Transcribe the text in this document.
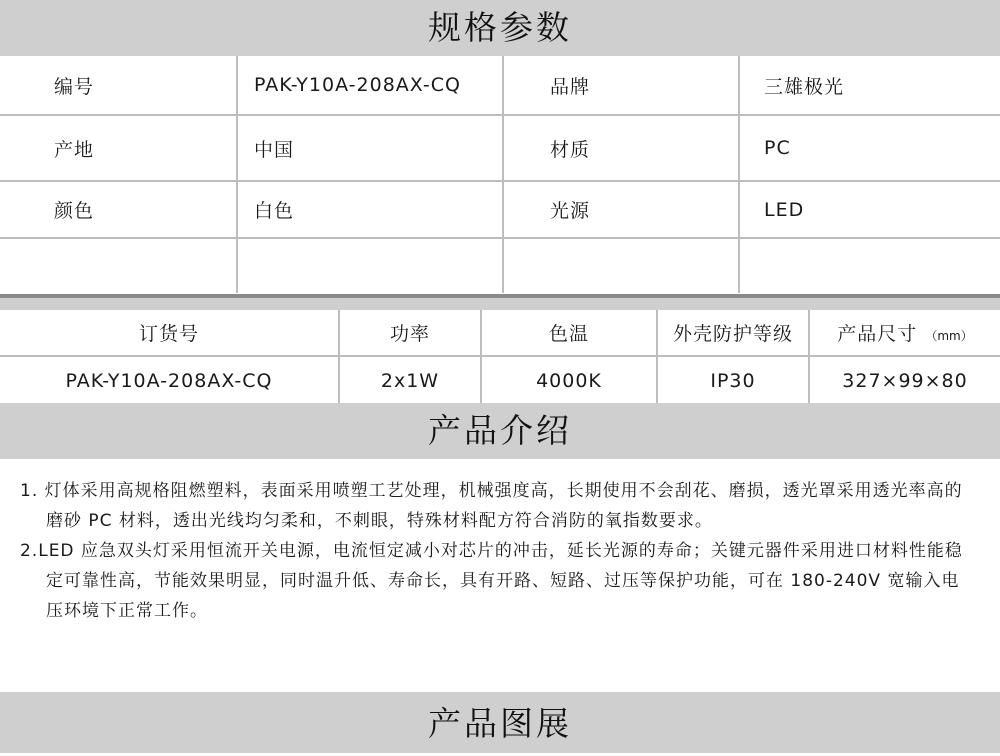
规格参数
编号	PAK-Y10A-208AX-CQ	品牌	三雄极光
产地	中国	材质	PC
颜色	白色	光源	LED

订货号	功率	色温	外壳防护等级	产品尺寸 （mm）
PAK-Y10A-208AX-CQ	2x1W	4000K	IP30	327×99×80
产品介绍

1. 灯体采用高规格阻燃塑料，表面采用喷塑工艺处理，机械强度高，长期使用不会刮花、磨损，透光罩采用透光率高的磨砂 PC 材料，透出光线均匀柔和，不刺眼，特殊材料配方符合消防的氧指数要求。

2.LED 应急双头灯采用恒流开关电源，电流恒定减小对芯片的冲击，延长光源的寿命；关键元器件采用进口材料性能稳定可靠性高，节能效果明显，同时温升低、寿命长，具有开路、短路、过压等保护功能，可在 180-240V 宽输入电压环境下正常工作。

产品图展
